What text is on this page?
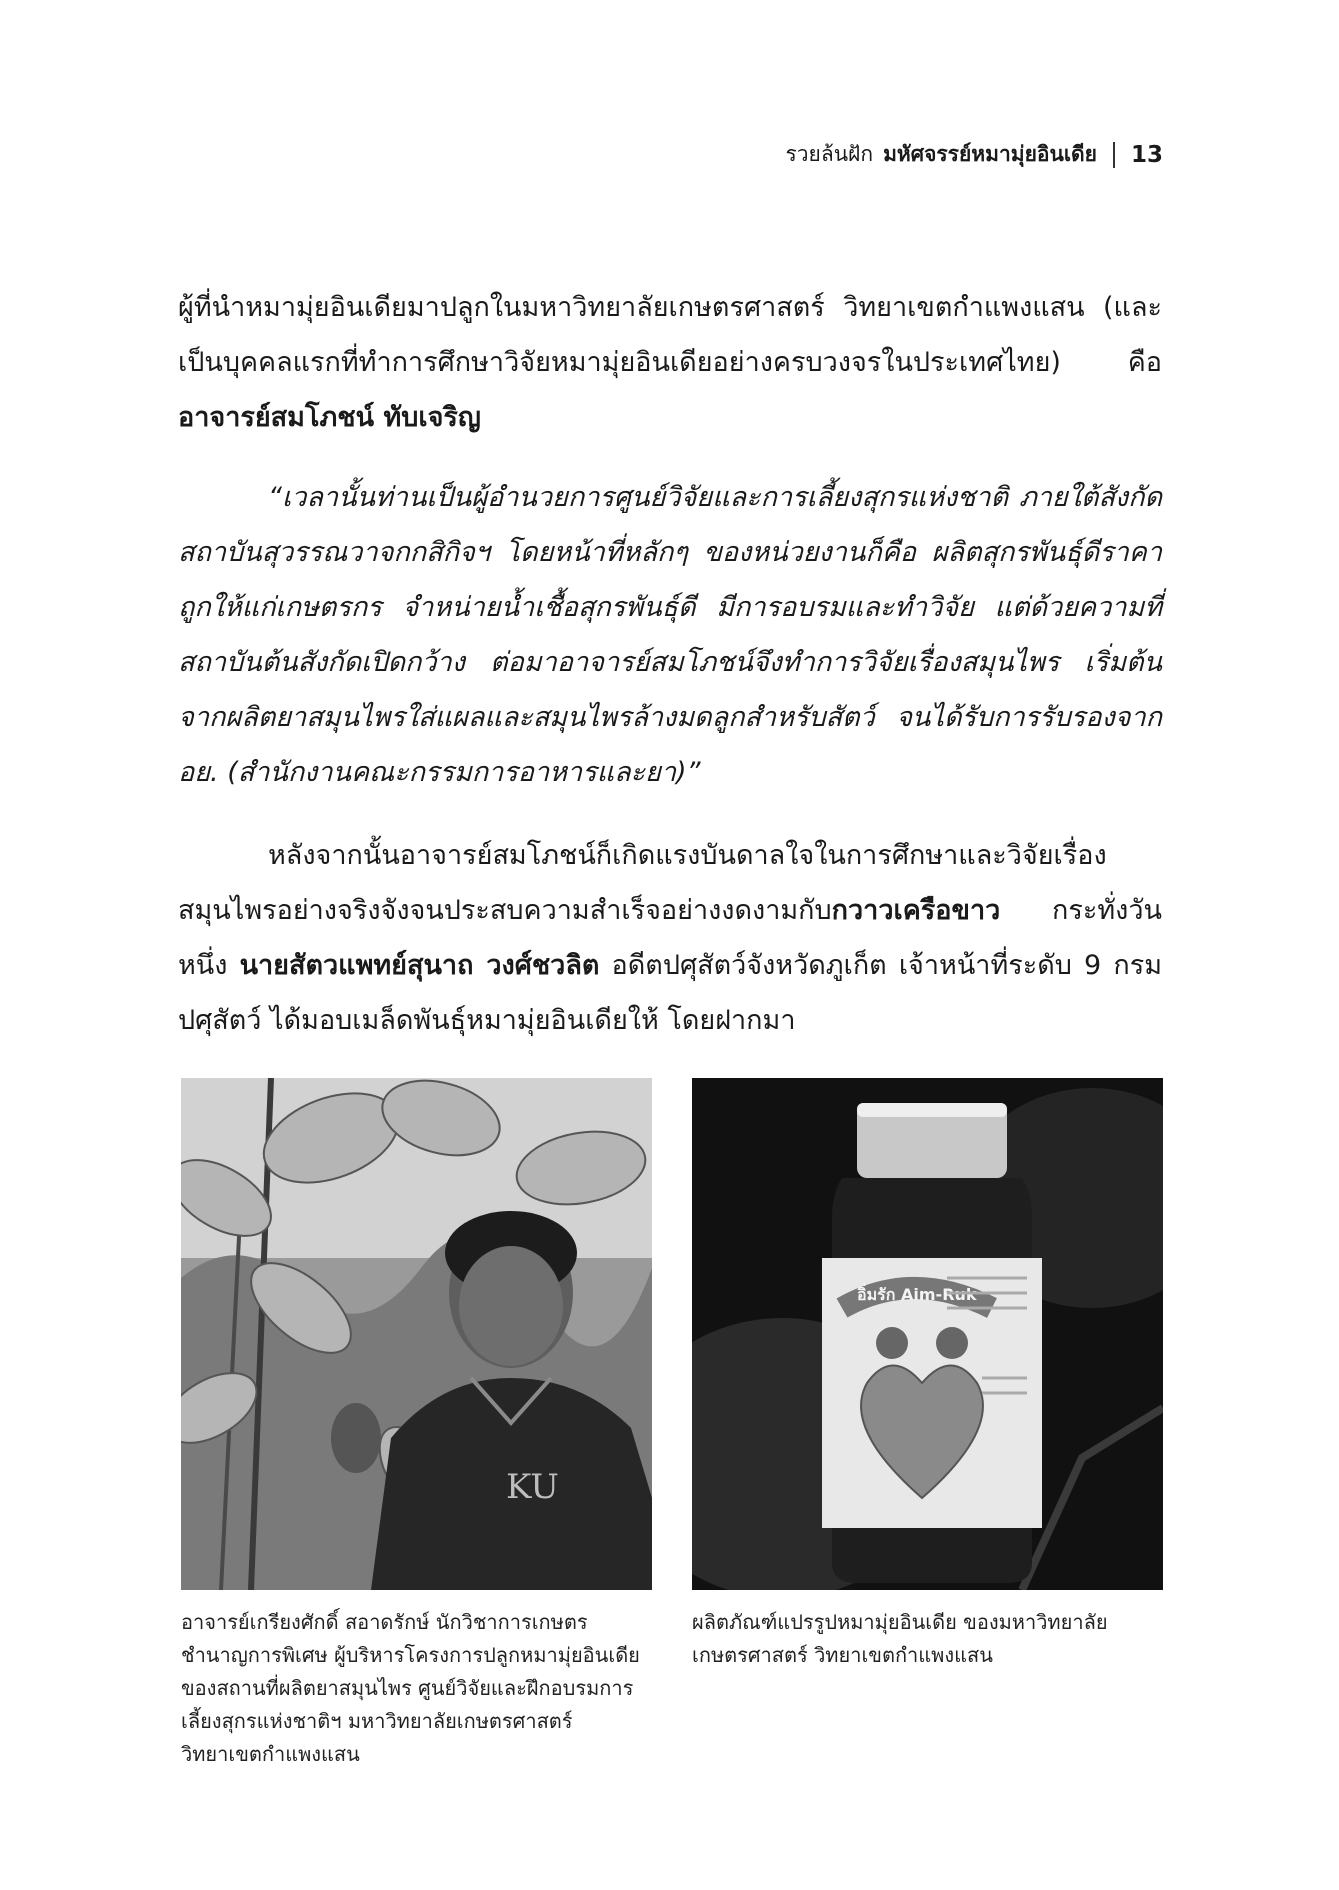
รวยล้นฝัก มหัศจรรย์หมามุ่ยอินเดีย 13
ผู้ที่นำหมามุ่ยอินเดียมาปลูกในมหาวิทยาลัยเกษตรศาสตร์ วิทยาเขตกำแพงแสน (และเป็นบุคคลแรกที่ทำการศึกษาวิจัยหมามุ่ยอินเดียอย่างครบวงจรในประเทศไทย) คือ อาจารย์สมโภชน์ ทับเจริญ
“เวลานั้นท่านเป็นผู้อำนวยการศูนย์วิจัยและการเลี้ยงสุกรแห่งชาติ ภายใต้สังกัดสถาบันสุวรรณวาจกกสิกิจฯ โดยหน้าที่หลักๆ ของหน่วยงานก็คือ ผลิตสุกรพันธุ์ดีราคาถูกให้แก่เกษตรกร จำหน่ายน้ำเชื้อสุกรพันธุ์ดี มีการอบรมและทำวิจัย แต่ด้วยความที่สถาบันต้นสังกัดเปิดกว้าง ต่อมาอาจารย์สมโภชน์จึงทำการวิจัยเรื่องสมุนไพร เริ่มต้นจากผลิตยาสมุนไพรใส่แผลและสมุนไพรล้างมดลูกสำหรับสัตว์ จนได้รับการรับรองจาก อย. (สำนักงานคณะกรรมการอาหารและยา)”
หลังจากนั้นอาจารย์สมโภชน์ก็เกิดแรงบันดาลใจในการศึกษาและวิจัยเรื่องสมุนไพรอย่างจริงจังจนประสบความสำเร็จอย่างงดงามกับกวาวเครือขาว กระทั่งวันหนึ่ง นายสัตวแพทย์สุนาถ วงศ์ชวลิต อดีตปศุสัตว์จังหวัดภูเก็ต เจ้าหน้าที่ระดับ 9 กรมปศุสัตว์ ได้มอบเมล็ดพันธุ์หมามุ่ยอินเดียให้ โดยฝากมา
KU
อิ่มรัก Aim-Ruk
อาจารย์เกรียงศักดิ์ สอาดรักษ์ นักวิชาการเกษตรชำนาญการพิเศษ ผู้บริหารโครงการปลูกหมามุ่ยอินเดียของสถานที่ผลิตยาสมุนไพร ศูนย์วิจัยและฝึกอบรมการเลี้ยงสุกรแห่งชาติฯ มหาวิทยาลัยเกษตรศาสตร์ วิทยาเขตกำแพงแสน
ผลิตภัณฑ์แปรรูปหมามุ่ยอินเดีย ของมหาวิทยาลัยเกษตรศาสตร์ วิทยาเขตกำแพงแสน
